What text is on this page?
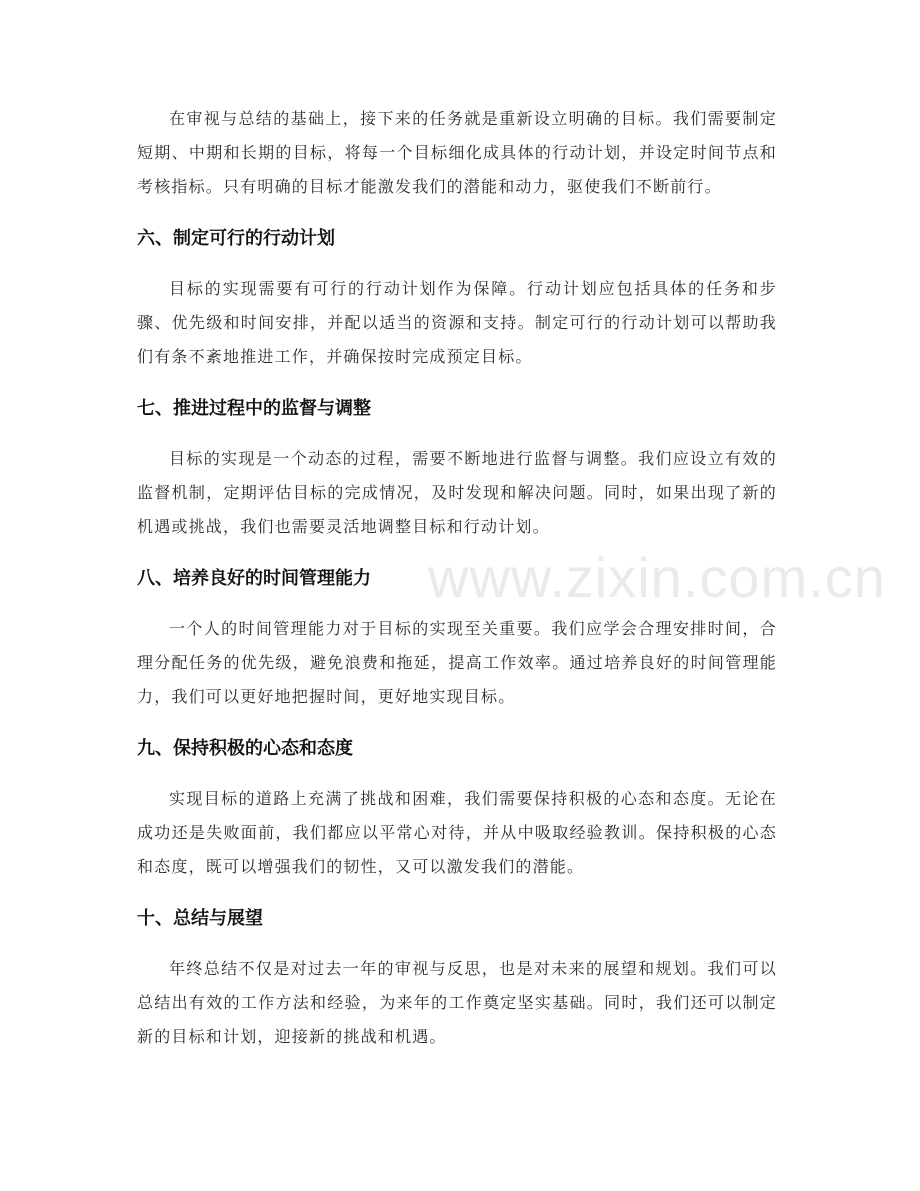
在审视与总结的基础上，接下来的任务就是重新设立明确的目标。我们需要制定短期、中期和长期的目标，将每一个目标细化成具体的行动计划，并设定时间节点和考核指标。只有明确的目标才能激发我们的潜能和动力，驱使我们不断前行。

六、制定可行的行动计划

目标的实现需要有可行的行动计划作为保障。行动计划应包括具体的任务和步骤、优先级和时间安排，并配以适当的资源和支持。制定可行的行动计划可以帮助我们有条不紊地推进工作，并确保按时完成预定目标。

七、推进过程中的监督与调整

目标的实现是一个动态的过程，需要不断地进行监督与调整。我们应设立有效的监督机制，定期评估目标的完成情况，及时发现和解决问题。同时，如果出现了新的机遇或挑战，我们也需要灵活地调整目标和行动计划。

八、培养良好的时间管理能力

一个人的时间管理能力对于目标的实现至关重要。我们应学会合理安排时间，合理分配任务的优先级，避免浪费和拖延，提高工作效率。通过培养良好的时间管理能力，我们可以更好地把握时间，更好地实现目标。

九、保持积极的心态和态度

实现目标的道路上充满了挑战和困难，我们需要保持积极的心态和态度。无论在成功还是失败面前，我们都应以平常心对待，并从中吸取经验教训。保持积极的心态和态度，既可以增强我们的韧性，又可以激发我们的潜能。

十、总结与展望

年终总结不仅是对过去一年的审视与反思，也是对未来的展望和规划。我们可以总结出有效的工作方法和经验，为来年的工作奠定坚实基础。同时，我们还可以制定新的目标和计划，迎接新的挑战和机遇。

www.zixin.com.cn
